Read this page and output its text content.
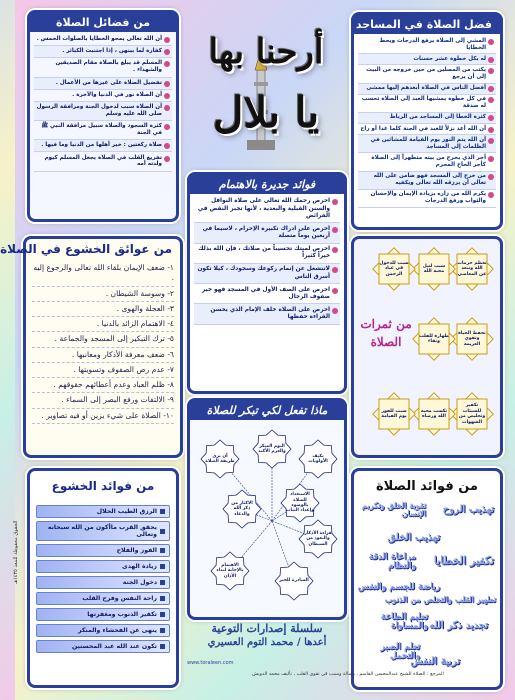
أرحنا بها
يا بلال
من فضائل الصلاة
أن الله تعالى يمحو الخطايا بالصلوات الخمس .
كفارة لما بينهن ، إذا اجتنبت الكبائر .
المسلم قد يبلغ بالصلاة مقام الصديقين والشهداء .
تفضيل الصلاة على غيرها من الأعمال .
أن الصلاة نور في الدنيا والآخرة .
أن الصلاة سبب لدخول الجنة ومرافقة الرسول صلى الله عليه وسلم
كثرة السجود والصلاة سبيل مرافقة النبي ﷺ في الجنة
صلاة ركعتين : خير أهلها من الدنيا وما فيها .
تفريغ القلب في الصلاة يجعل المسلم كيوم ولدته أمه
فضل الصلاة في المساجد
المشي إلى الصلاة يرفع الدرجات ويحط الخطايا
له بكل خطوة عشر حسنات
يكتب من المصلين من حين خروجه من البيت إلى أن يرجع
أفضل الناس في الصلاة أبعدهم إليها ممشى
في كل خطوة يمشيها العبد إلى الصلاة تحسب له صدقة
كثرة الخطا إلى المساجد من الرباط
أن الله أعد نزلاً للعبد في الجنة كلما غدا أو راح
أن الله يتم النور يوم القيامة للمشائين في الظلمات إلى المساجد
أجر الذي يخرج من بيته متطهراً إلى الصلاة كأجر الحاج المحرم
من خرج إلى المسجد فهو ضامن على الله تعالى أن يرزقه الله تعالى ويكفيه
يكرم الله من زاره بزيادة الإيمان والإحسان والثواب ورفع الدرجات
فوائد جديرة بالاهتمام
احرص رحمك الله تعالى على صلاة النوافل والسنن القبلية والبعدية ، لأنها تجبر النقص في الفرائض
احرص على ادراك تكبيرة الإحرام ، لاسيما في أربعين يوماً متصلة
احرص لميتك تحسيباً من صلاتك ، فإن الله بذلك خيراً كثيراً
لاتنشغل عن إتمام ركوعك وسجودك ، كيلا تكون أسرق الناس
احرص على الصف الأول في المسجد فهو خير صفوف الرجال
احرص على الصلاة خلف الإمام الذي يحسن القراءة حفظها
من عوائق الخشوع في الصلاة
١- ضعف الإيمان بلقاء الله تعالى والرجوع إليه .
٢- وسوسة الشيطان .
٣- العجلة والهوى .
٤- الاهتمام الزائد بالدنيا .
٥- ترك التبكير إلى المسجد والجماعة .
٦- ضعف معرفة الأذكار ومعانيها .
٧- عدم رص الصفوف وتسويتها .
٨- ظلم العباد وعدم أعطائهم حقوقهم .
٩- الالتفات ورفع البصر إلى السماء .
١٠- الصلاة على شيء يزين أو فيه تصاوير .
من ثمرات الصلاة
تعظم حرمات الله وتبعد عن المعاصي
سبب لنيل محبة الله
سبب للدخول في عباد الرحمن
تحفظ الحياة وتقوي العزيمة
طهارة للقلب ونقاء
تكفير للسيئات وتخليص من الشهوات
تكسب محبة الله ورضاه
سبب للفوز يوم القيامة
ماذا تفعل لكي تبكر للصلاة
النوم المبكر والعزم الأكيد
تكيف الأولويات
الاستعداد للصلاة بالوضوء وإعداد الثياب
الاكثار من ذكر الله والدعاء
قراءة الأذكار والتعوذ من الشيطان
أن ترى طريقة الصلاة
الاهتمام بالإجابة لنداء الأذان
المبادرة للخير
من فوائد الخشوع
الرزق الطيب الحلال
يحقق القرب ماأكون من الله سبحانه وتعالى
الفوز والفلاح
زيادة الهدى
دخول الجنة
راحة النفس وفرح القلب
تكفير الذنوب ومغفرتها
ينهى عن الفحشاء والمنكر
تكون عند الله عبد المحسنين
من فوائد الصلاة
تهذيب الروح
تقوية الخلق وتكريم الإنسان
تهذيب الخلق
مراعاة الدقة والنظام تكفير الخطايا
رياضة للجسم والنفس
تطهير القلب والتخلص من الذنوب
تعليم الطاعة والمساواة تجديد ذكر الله
تعلم الصبر والتحمل
تربية النفس
سلسلة إصدارات التوعية
أعدها / محمد التوم العسيري
www.toraleen.com
المرجع : الصلاة للشيخ عبدالمحسن القاسم ، رسالة وسبب في تقوى القلب ، تأليف محمد الدويش
الحقوق محفوظة للمعد ١٤٣٥هـ
